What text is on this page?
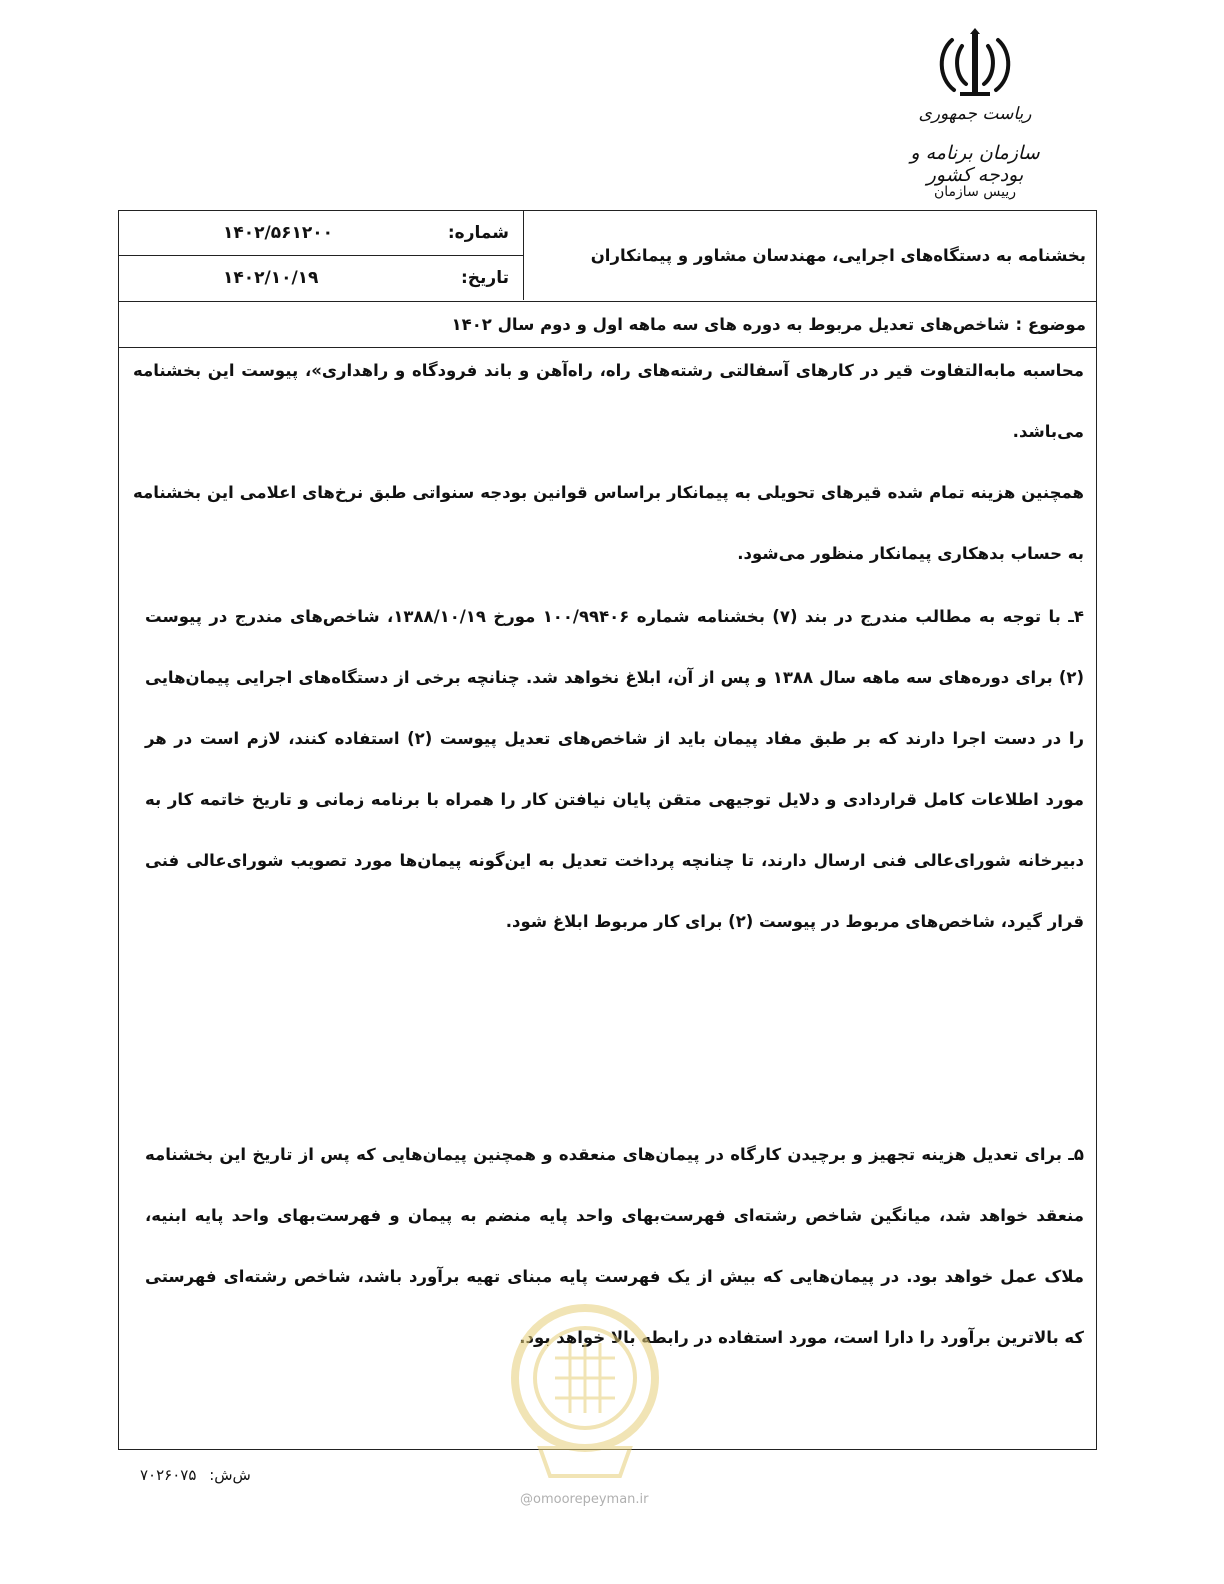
ریاست جمهوری
سازمان برنامه و بودجه کشور
رییس سازمان
بخشنامه به دستگاه‌های اجرایی، مهندسان مشاور و پیمانکاران
شماره:
۱۴۰۲/۵۶۱۲۰۰
تاریخ:
۱۴۰۲/۱۰/۱۹
موضوع :
شاخص‌های تعدیل مربوط به دوره های سه ماهه اول و دوم سال ۱۴۰۲

محاسبه مابه‌التفاوت قیر در کارهای آسفالتی رشته‌های راه، راه‌آهن و باند فرودگاه و راهداری»، پیوست این بخشنامه می‌باشد.

همچنین هزینه تمام شده قیرهای تحویلی به پیمانکار براساس قوانین بودجه سنواتی طبق نرخ‌های اعلامی این بخشنامه به حساب بدهکاری پیمانکار منظور می‌شود.

۴ـ با توجه به مطالب مندرج در بند (۷) بخشنامه شماره ۱۰۰/۹۹۴۰۶ مورخ ۱۳۸۸/۱۰/۱۹، شاخص‌های مندرج در پیوست (۲) برای دوره‌های سه ماهه سال ۱۳۸۸ و پس از آن، ابلاغ نخواهد شد. چنانچه برخی از دستگاه‌های اجرایی پیمان‌هایی را در دست اجرا دارند که بر طبق مفاد پیمان باید از شاخص‌های تعدیل پیوست (۲) استفاده کنند، لازم است در هر مورد اطلاعات کامل قراردادی و دلایل توجیهی متقن پایان نیافتن کار را همراه با برنامه زمانی و تاریخ خاتمه کار به دبیرخانه شورای‌عالی فنی ارسال دارند، تا چنانچه پرداخت تعدیل به این‌گونه پیمان‌ها مورد تصویب شورای‌عالی فنی قرار گیرد، شاخص‌های مربوط در پیوست (۲) برای کار مربوط ابلاغ شود.

۵ـ برای تعدیل هزینه تجهیز و برچیدن کارگاه در پیمان‌های منعقده و همچنین پیمان‌هایی که پس از تاریخ این بخشنامه منعقد خواهد شد، میانگین شاخص رشته‌ای فهرست‌بهای واحد پایه منضم به پیمان و فهرست‌بهای واحد پایه ابنیه، ملاک عمل خواهد بود. در پیمان‌هایی که بیش از یک فهرست پایه مبنای تهیه برآورد باشد، شاخص رشته‌ای فهرستی که بالاترین برآورد را دارا است، مورد استفاده در رابطه بالا خواهد بود.

@omoorepeyman.ir
ش‌ش: ۷۰۲۶۰۷۵
